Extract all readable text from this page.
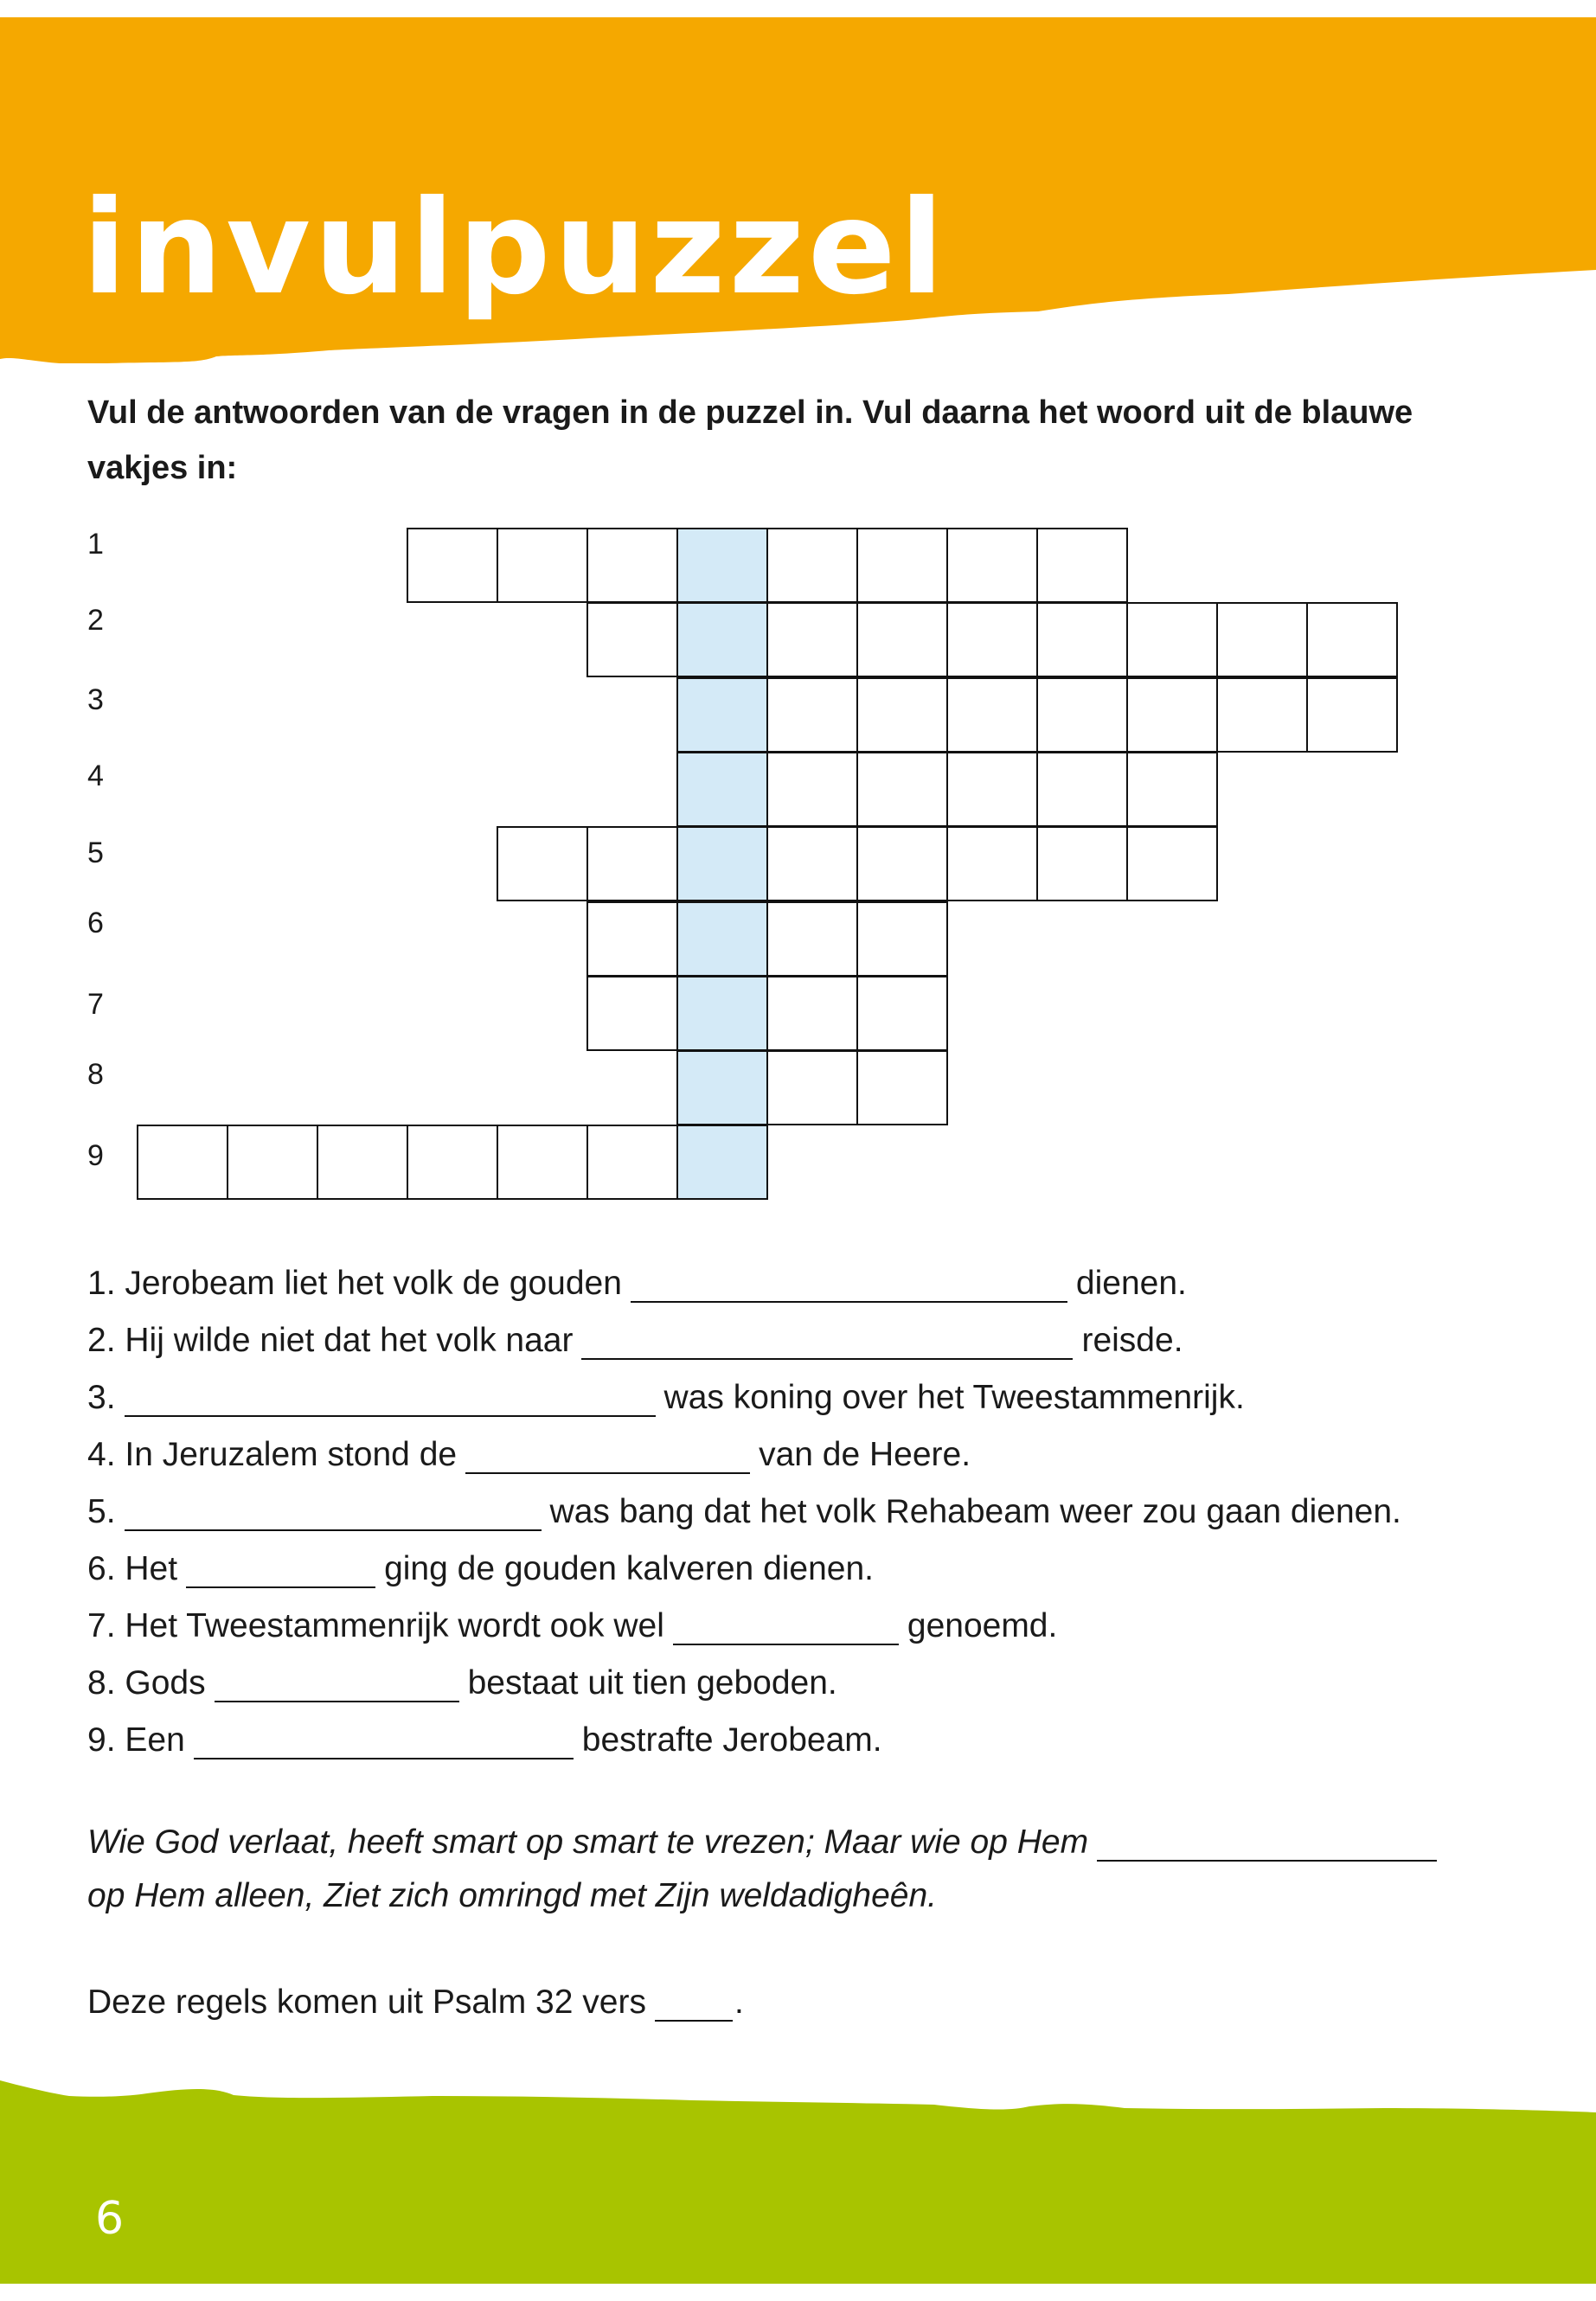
invulpuzzel
Vul de antwoorden van de vragen in de puzzel in. Vul daarna het woord uit de blauwe vakjes in:
1
2
3
4
5
6
7
8
9
1. Jerobeam liet het volk de gouden	dienen.
2. Hij wilde niet dat het volk naar	reisde.
3.	was koning over het Tweestammenrijk.
4. In Jeruzalem stond de	van de Heere.
5.	was bang dat het volk Rehabeam weer zou gaan dienen.
6. Het	ging de gouden kalveren dienen.
7. Het Tweestammenrijk wordt ook wel	genoemd.
8. Gods	bestaat uit tien geboden.
9. Een	bestrafte Jerobeam.
Wie God verlaat, heeft smart op smart te vrezen; Maar wie op Hem
op Hem alleen, Ziet zich omringd met Zijn weldadigheên.
Deze regels komen uit Psalm 32 vers	.
6
